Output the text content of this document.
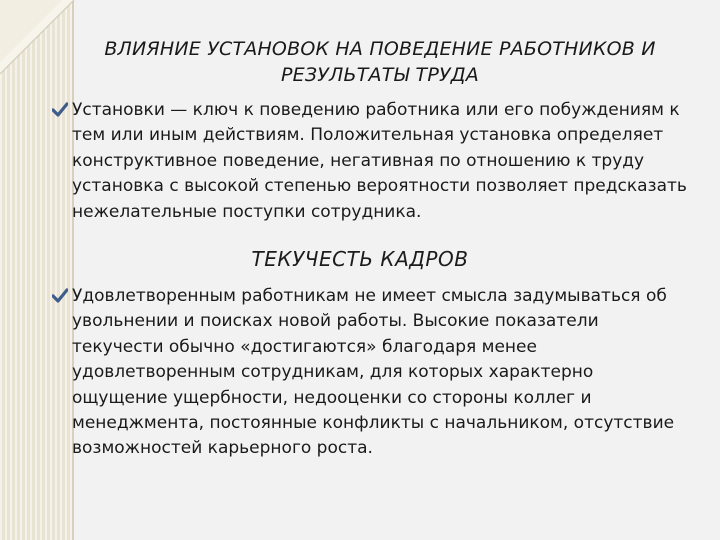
ВЛИЯНИЕ УСТАНОВОК НА ПОВЕДЕНИЕ РАБОТНИКОВ И РЕЗУЛЬТАТЫ ТРУДА
Установки — ключ к поведению работника или его побуждениям к тем или иным действиям. Положительная установка определяет конструктивное поведение, негативная по отношению к труду установка с высокой степенью вероятности позволяет предсказать нежелательные поступки сотрудника.
ТЕКУЧЕСТЬ КАДРОВ
Удовлетворенным работникам не имеет смысла задумываться об увольнении и поисках новой работы. Высокие показатели текучести обычно «достигаются» благодаря менее удовлетворенным сотрудникам, для которых характерно ощущение ущербности, недооценки со стороны коллег и менеджмента, постоянные конфликты с начальником, отсутствие возможностей карьерного роста.
